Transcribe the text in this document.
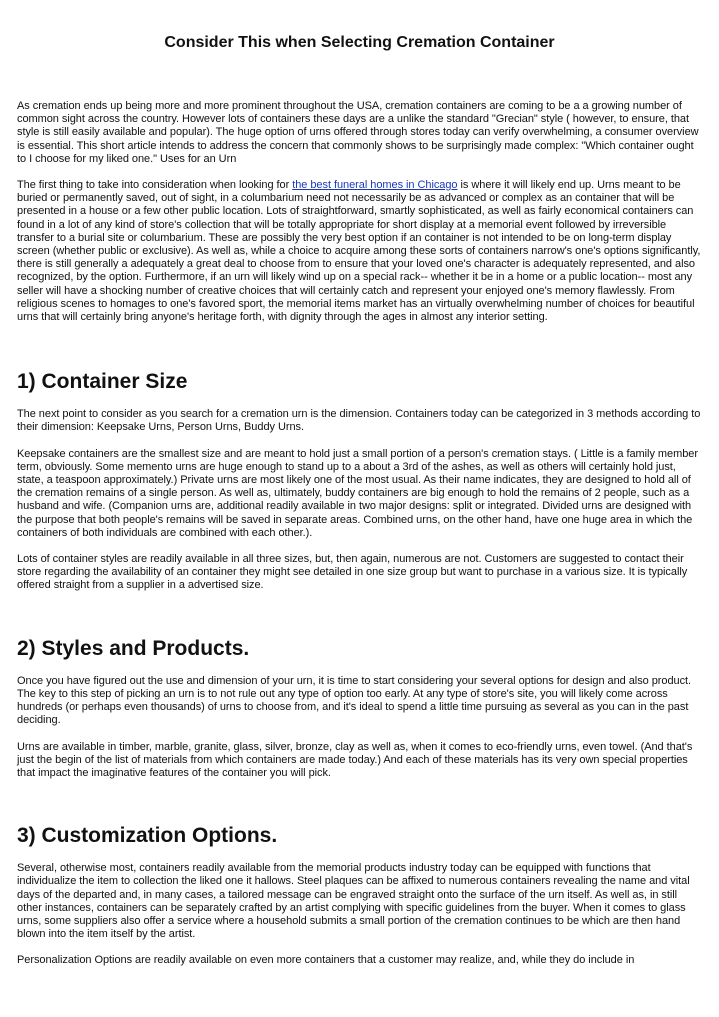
Consider This when Selecting Cremation Container

As cremation ends up being more and more prominent throughout the USA, cremation containers are coming to be a a growing number of common sight across the country. However lots of containers these days are a unlike the standard "Grecian" style ( however, to ensure, that style is still easily available and popular). The huge option of urns offered through stores today can verify overwhelming, a consumer overview is essential. This short article intends to address the concern that commonly shows to be surprisingly made complex: "Which container ought to I choose for my liked one." Uses for an Urn

The first thing to take into consideration when looking for the best funeral homes in Chicago is where it will likely end up. Urns meant to be buried or permanently saved, out of sight, in a columbarium need not necessarily be as advanced or complex as an container that will be presented in a house or a few other public location. Lots of straightforward, smartly sophisticated, as well as fairly economical containers can found in a lot of any kind of store's collection that will be totally appropriate for short display at a memorial event followed by irreversible transfer to a burial site or columbarium. These are possibly the very best option if an container is not intended to be on long-term display screen (whether public or exclusive). As well as, while a choice to acquire among these sorts of containers narrow's one's options significantly, there is still generally a adequately a great deal to choose from to ensure that your loved one's character is adequately represented, and also recognized, by the option. Furthermore, if an urn will likely wind up on a special rack-- whether it be in a home or a public location-- most any seller will have a shocking number of creative choices that will certainly catch and represent your enjoyed one's memory flawlessly. From religious scenes to homages to one's favored sport, the memorial items market has an virtually overwhelming number of choices for beautiful urns that will certainly bring anyone's heritage forth, with dignity through the ages in almost any interior setting.

1) Container Size

The next point to consider as you search for a cremation urn is the dimension. Containers today can be categorized in 3 methods according to their dimension: Keepsake Urns, Person Urns, Buddy Urns.

Keepsake containers are the smallest size and are meant to hold just a small portion of a person's cremation stays. ( Little is a family member term, obviously. Some memento urns are huge enough to stand up to a about a 3rd of the ashes, as well as others will certainly hold just, state, a teaspoon approximately.) Private urns are most likely one of the most usual. As their name indicates, they are designed to hold all of the cremation remains of a single person. As well as, ultimately, buddy containers are big enough to hold the remains of 2 people, such as a husband and wife. (Companion urns are, additional readily available in two major designs: split or integrated. Divided urns are designed with the purpose that both people's remains will be saved in separate areas. Combined urns, on the other hand, have one huge area in which the containers of both individuals are combined with each other.).

Lots of container styles are readily available in all three sizes, but, then again, numerous are not. Customers are suggested to contact their store regarding the availability of an container they might see detailed in one size group but want to purchase in a various size. It is typically offered straight from a supplier in a advertised size.

2) Styles and Products.

Once you have figured out the use and dimension of your urn, it is time to start considering your several options for design and also product. The key to this step of picking an urn is to not rule out any type of option too early. At any type of store's site, you will likely come across hundreds (or perhaps even thousands) of urns to choose from, and it's ideal to spend a little time pursuing as several as you can in the past deciding.

Urns are available in timber, marble, granite, glass, silver, bronze, clay as well as, when it comes to eco-friendly urns, even towel. (And that's just the begin of the list of materials from which containers are made today.) And each of these materials has its very own special properties that impact the imaginative features of the container you will pick.

3) Customization Options.

Several, otherwise most, containers readily available from the memorial products industry today can be equipped with functions that individualize the item to collection the liked one it hallows. Steel plaques can be affixed to numerous containers revealing the name and vital days of the departed and, in many cases, a tailored message can be engraved straight onto the surface of the urn itself. As well as, in still other instances, containers can be separately crafted by an artist complying with specific guidelines from the buyer. When it comes to glass urns, some suppliers also offer a service where a household submits a small portion of the cremation continues to be which are then hand blown into the item itself by the artist.

Personalization Options are readily available on even more containers that a customer may realize, and, while they do include in
